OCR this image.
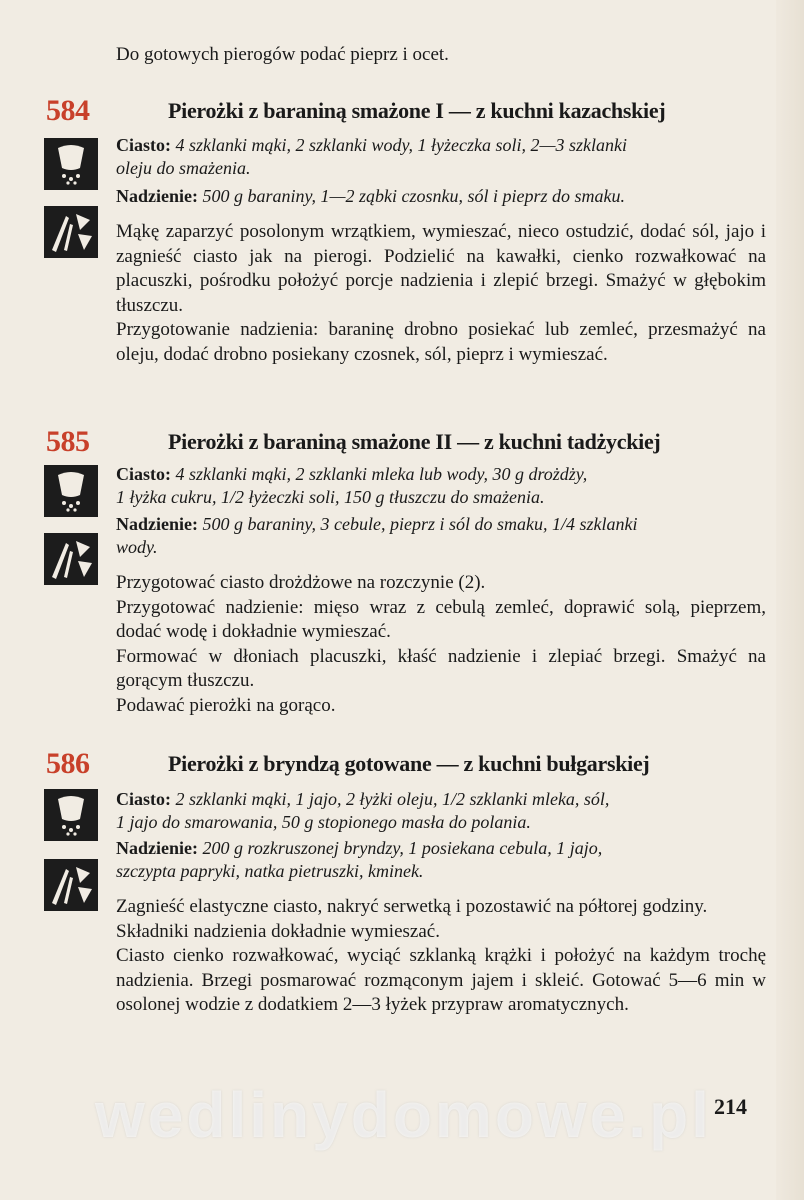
Do gotowych pierogów podać pieprz i ocet.
584	Pierożki z baraniną smażone I — z kuchni kazachskiej
Ciasto: 4 szklanki mąki, 2 szklanki wody, 1 łyżeczka soli, 2—3 szklanki
oleju do smażenia.
Nadzienie: 500 g baraniny, 1—2 ząbki czosnku, sól i pieprz do smaku.

Mąkę zaparzyć posolonym wrzątkiem, wymieszać, nieco ostudzić, dodać sól, jajo i zagnieść ciasto jak na pierogi. Podzielić na kawałki, cienko rozwałkować na placuszki, pośrodku położyć porcje nadzienia i zlepić brzegi. Smażyć w głębokim tłuszczu.

Przygotowanie nadzienia: baraninę drobno posiekać lub zemleć, przesmażyć na oleju, dodać drobno posiekany czosnek, sól, pieprz i wymieszać.

585	Pierożki z baraniną smażone II — z kuchni tadżyckiej
Ciasto: 4 szklanki mąki, 2 szklanki mleka lub wody, 30 g drożdży,
1 łyżka cukru, 1/2 łyżeczki soli, 150 g tłuszczu do smażenia.
Nadzienie: 500 g baraniny, 3 cebule, pieprz i sól do smaku, 1/4 szklanki
wody.

Przygotować ciasto drożdżowe na rozczynie (2).

Przygotować nadzienie: mięso wraz z cebulą zemleć, doprawić solą, pieprzem, dodać wodę i dokładnie wymieszać.

Formować w dłoniach placuszki, kłaść nadzienie i zlepiać brzegi. Smażyć na gorącym tłuszczu.

Podawać pierożki na gorąco.

586	Pierożki z bryndzą gotowane — z kuchni bułgarskiej
Ciasto: 2 szklanki mąki, 1 jajo, 2 łyżki oleju, 1/2 szklanki mleka, sól,
1 jajo do smarowania, 50 g stopionego masła do polania.
Nadzienie: 200 g rozkruszonej bryndzy, 1 posiekana cebula, 1 jajo,
szczypta papryki, natka pietruszki, kminek.

Zagnieść elastyczne ciasto, nakryć serwetką i pozostawić na półtorej godziny.

Składniki nadzienia dokładnie wymieszać.

Ciasto cienko rozwałkować, wyciąć szklanką krążki i położyć na każdym trochę nadzienia. Brzegi posmarować rozmąconym jajem i skleić. Gotować 5—6 min w osolonej wodzie z dodatkiem 2—3 łyżek przypraw aromatycznych.

wedlinydomowe.pl 214
